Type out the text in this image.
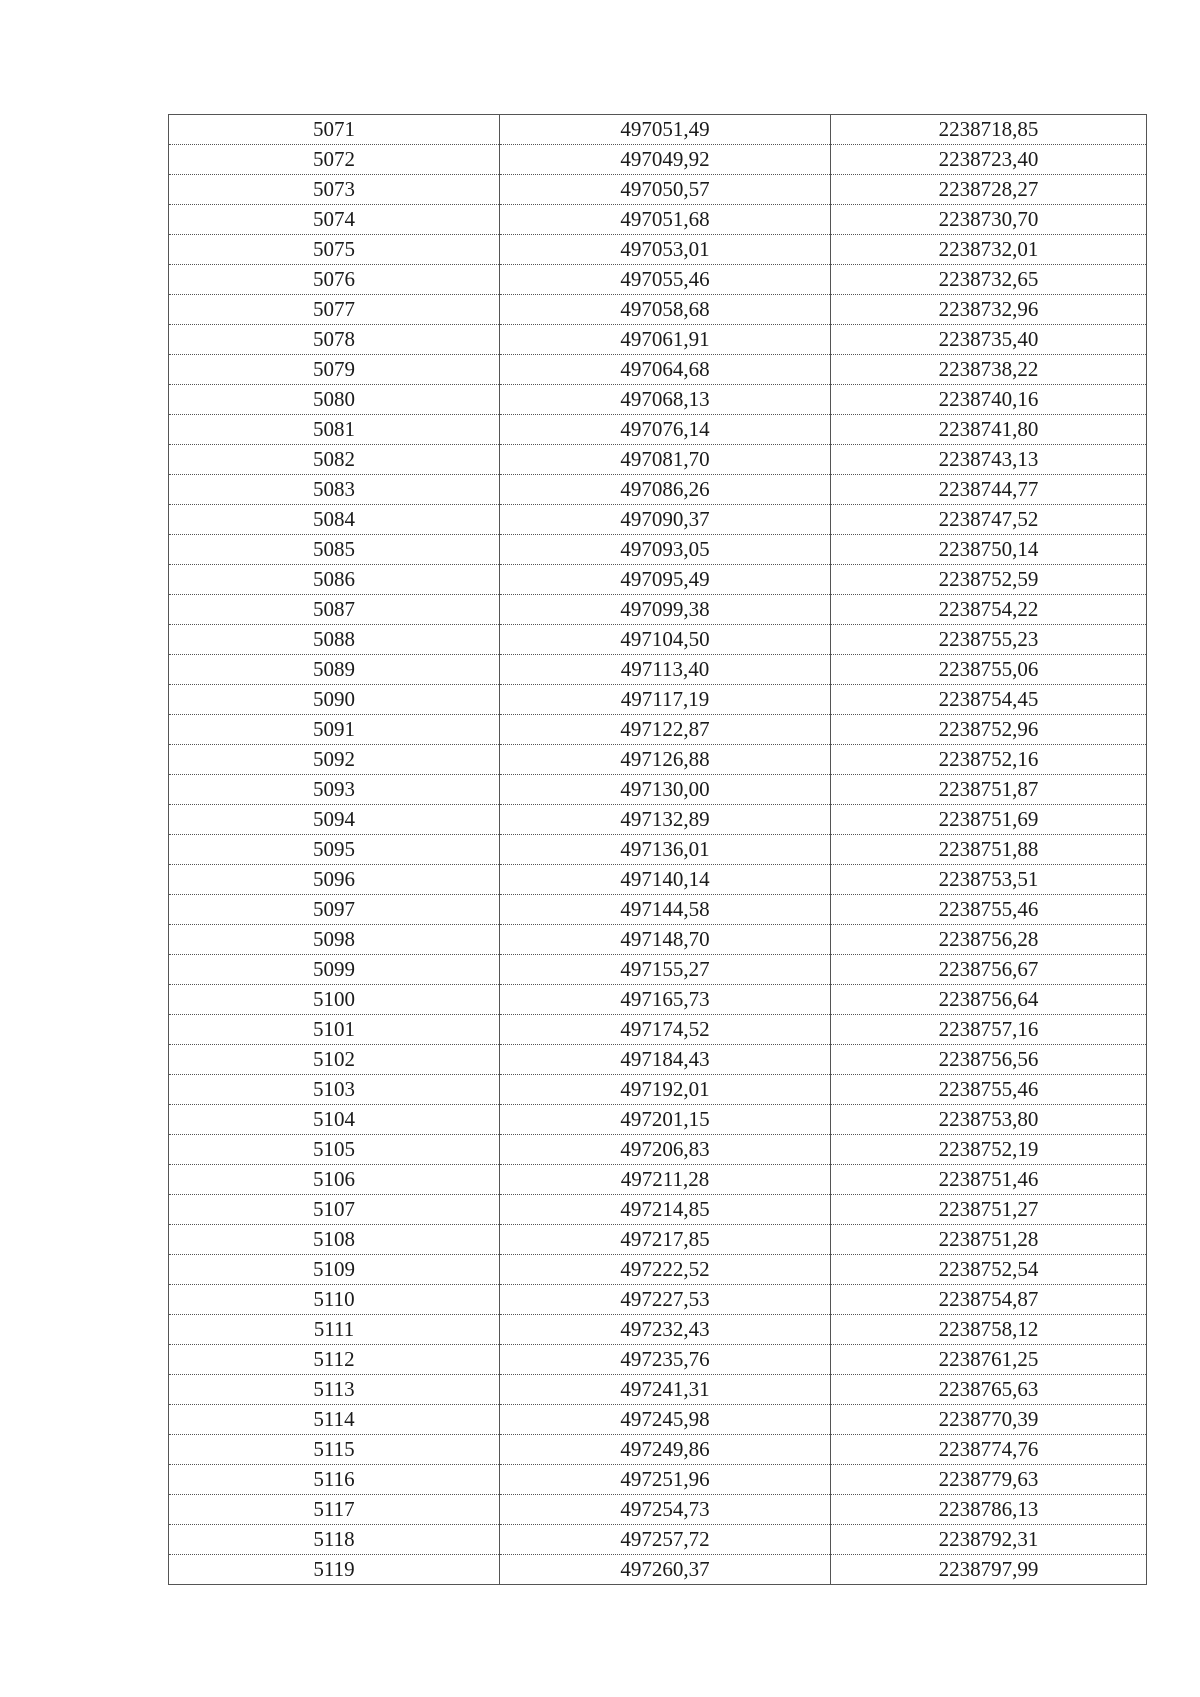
5071	497051,49	2238718,85
5072	497049,92	2238723,40
5073	497050,57	2238728,27
5074	497051,68	2238730,70
5075	497053,01	2238732,01
5076	497055,46	2238732,65
5077	497058,68	2238732,96
5078	497061,91	2238735,40
5079	497064,68	2238738,22
5080	497068,13	2238740,16
5081	497076,14	2238741,80
5082	497081,70	2238743,13
5083	497086,26	2238744,77
5084	497090,37	2238747,52
5085	497093,05	2238750,14
5086	497095,49	2238752,59
5087	497099,38	2238754,22
5088	497104,50	2238755,23
5089	497113,40	2238755,06
5090	497117,19	2238754,45
5091	497122,87	2238752,96
5092	497126,88	2238752,16
5093	497130,00	2238751,87
5094	497132,89	2238751,69
5095	497136,01	2238751,88
5096	497140,14	2238753,51
5097	497144,58	2238755,46
5098	497148,70	2238756,28
5099	497155,27	2238756,67
5100	497165,73	2238756,64
5101	497174,52	2238757,16
5102	497184,43	2238756,56
5103	497192,01	2238755,46
5104	497201,15	2238753,80
5105	497206,83	2238752,19
5106	497211,28	2238751,46
5107	497214,85	2238751,27
5108	497217,85	2238751,28
5109	497222,52	2238752,54
5110	497227,53	2238754,87
5111	497232,43	2238758,12
5112	497235,76	2238761,25
5113	497241,31	2238765,63
5114	497245,98	2238770,39
5115	497249,86	2238774,76
5116	497251,96	2238779,63
5117	497254,73	2238786,13
5118	497257,72	2238792,31
5119	497260,37	2238797,99
